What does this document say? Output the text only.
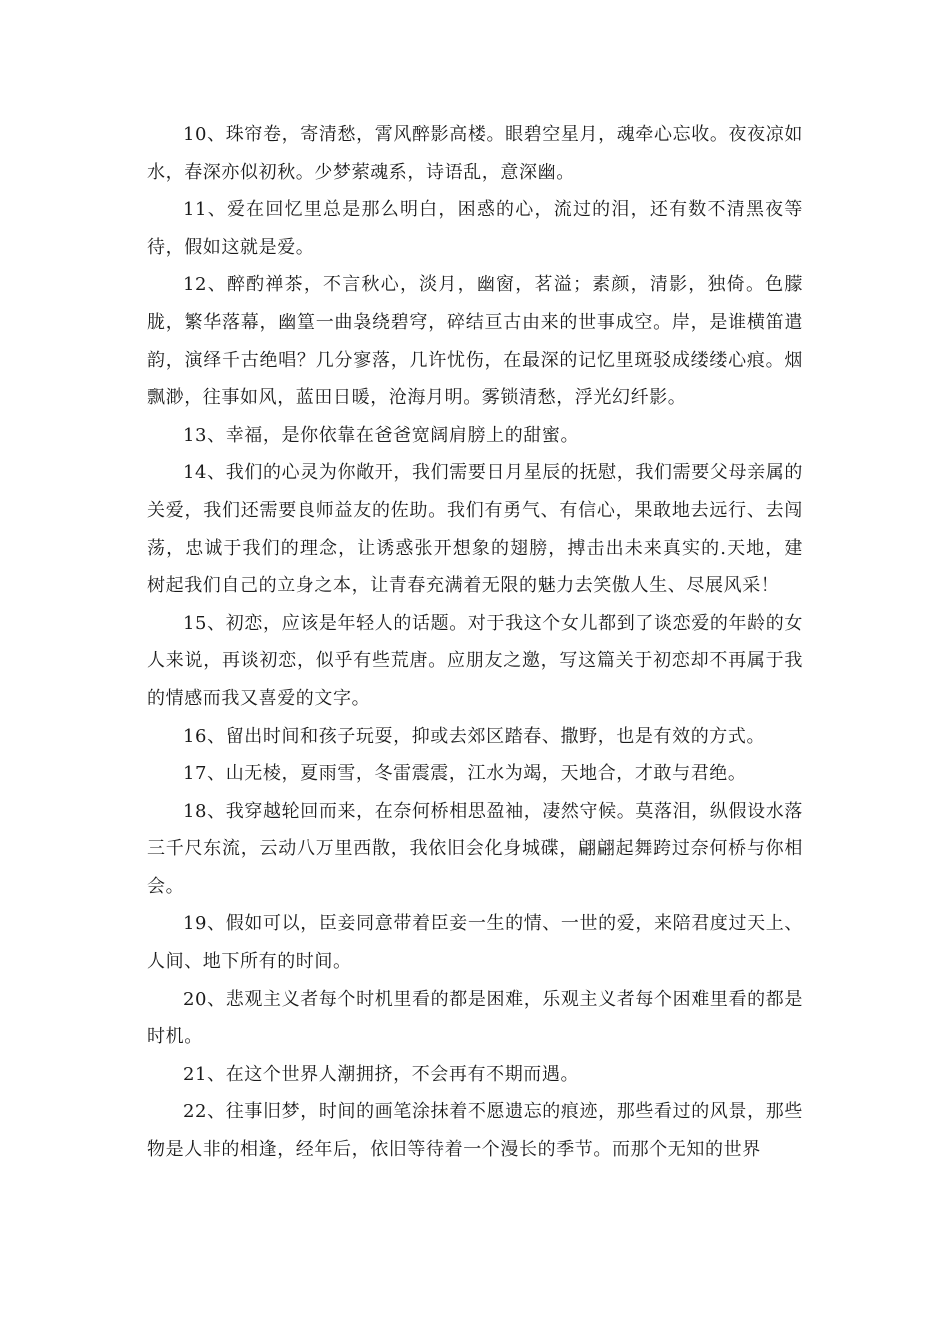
10、珠帘卷，寄清愁，霄风醉影高楼。眼碧空星月，魂牵心忘收。夜夜凉如水，春深亦似初秋。少梦萦魂系，诗语乱，意深幽。

11、爱在回忆里总是那么明白，困惑的心，流过的泪，还有数不清黑夜等待，假如这就是爱。

12、醉酌禅茶，不言秋心，淡月，幽窗，茗溢；素颜，清影，独倚。色朦胧，繁华落幕，幽篁一曲袅绕碧穹，碎结亘古由来的世事成空。岸，是谁横笛遣韵，演绎千古绝唱？几分寥落，几许忧伤，在最深的记忆里斑驳成缕缕心痕。烟飘渺，往事如风，蓝田日暖，沧海月明。雾锁清愁，浮光幻纤影。

13、幸福，是你依靠在爸爸宽阔肩膀上的甜蜜。

14、我们的心灵为你敞开，我们需要日月星辰的抚慰，我们需要父母亲属的关爱，我们还需要良师益友的佐助。我们有勇气、有信心，果敢地去远行、去闯荡，忠诚于我们的理念，让诱惑张开想象的翅膀，搏击出未来真实的.天地，建树起我们自己的立身之本，让青春充满着无限的魅力去笑傲人生、尽展风采！

15、初恋，应该是年轻人的话题。对于我这个女儿都到了谈恋爱的年龄的女人来说，再谈初恋，似乎有些荒唐。应朋友之邀，写这篇关于初恋却不再属于我的情感而我又喜爱的文字。

16、留出时间和孩子玩耍，抑或去郊区踏春、撒野，也是有效的方式。

17、山无棱，夏雨雪，冬雷震震，江水为竭，天地合，才敢与君绝。

18、我穿越轮回而来，在奈何桥相思盈袖，凄然守候。莫落泪，纵假设水落三千尺东流，云动八万里西散，我依旧会化身城碟，翩翩起舞跨过奈何桥与你相会。

19、假如可以，臣妾同意带着臣妾一生的情、一世的爱，来陪君度过天上、人间、地下所有的时间。

20、悲观主义者每个时机里看的都是困难，乐观主义者每个困难里看的都是时机。

21、在这个世界人潮拥挤，不会再有不期而遇。

22、往事旧梦，时间的画笔涂抹着不愿遗忘的痕迹，那些看过的风景，那些物是人非的相逢，经年后，依旧等待着一个漫长的季节。而那个无知的世界
